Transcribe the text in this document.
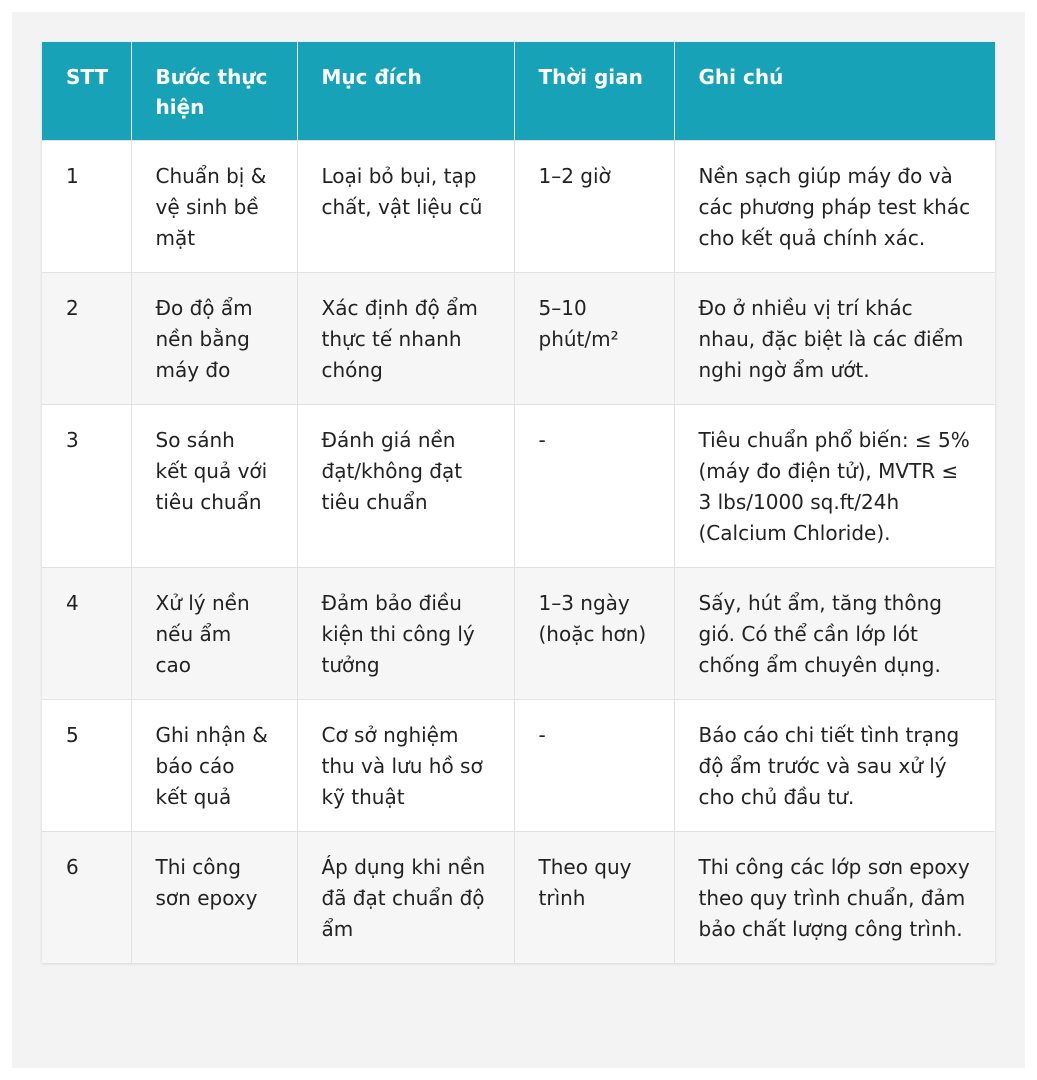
STT	Bước thực hiện	Mục đích	Thời gian	Ghi chú
1	Chuẩn bị & vệ sinh bề mặt	Loại bỏ bụi, tạp chất, vật liệu cũ	1–2 giờ	Nền sạch giúp máy đo và các phương pháp test khác cho kết quả chính xác.
2	Đo độ ẩm nền bằng máy đo	Xác định độ ẩm thực tế nhanh chóng	5–10 phút/m²	Đo ở nhiều vị trí khác nhau, đặc biệt là các điểm nghi ngờ ẩm ướt.
3	So sánh kết quả với tiêu chuẩn	Đánh giá nền đạt/không đạt tiêu chuẩn	-	Tiêu chuẩn phổ biến: ≤ 5% (máy đo điện tử), MVTR ≤ 3 lbs/1000 sq.ft/24h (Calcium Chloride).
4	Xử lý nền nếu ẩm cao	Đảm bảo điều kiện thi công lý tưởng	1–3 ngày (hoặc hơn)	Sấy, hút ẩm, tăng thông gió. Có thể cần lớp lót chống ẩm chuyên dụng.
5	Ghi nhận & báo cáo kết quả	Cơ sở nghiệm thu và lưu hồ sơ kỹ thuật	-	Báo cáo chi tiết tình trạng độ ẩm trước và sau xử lý cho chủ đầu tư.
6	Thi công sơn epoxy	Áp dụng khi nền đã đạt chuẩn độ ẩm	Theo quy trình	Thi công các lớp sơn epoxy theo quy trình chuẩn, đảm bảo chất lượng công trình.
